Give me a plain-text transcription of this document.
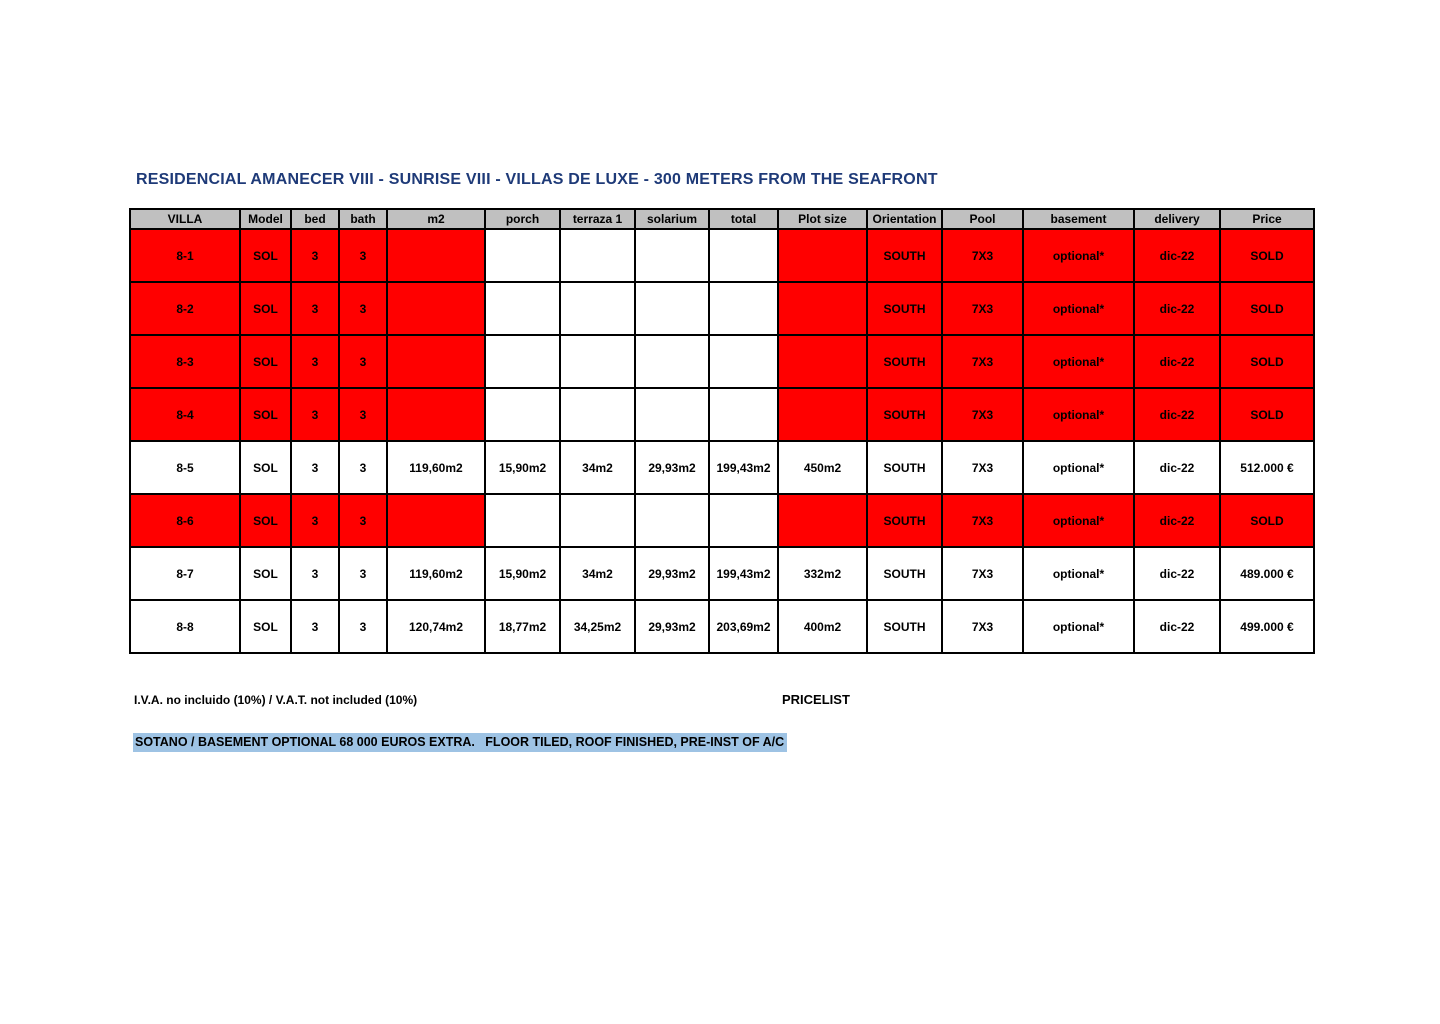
RESIDENCIAL AMANECER VIII - SUNRISE VIII - VILLAS DE LUXE - 300 METERS FROM THE SEAFRONT
VILLA	Model	bed	bath	m2	porch	terraza 1	solarium	total	Plot size	Orientation	Pool	basement	delivery	Price
8-1	SOL	3	3							SOUTH	7X3	optional*	dic-22	SOLD
8-2	SOL	3	3							SOUTH	7X3	optional*	dic-22	SOLD
8-3	SOL	3	3							SOUTH	7X3	optional*	dic-22	SOLD
8-4	SOL	3	3							SOUTH	7X3	optional*	dic-22	SOLD
8-5	SOL	3	3	119,60m2	15,90m2	34m2	29,93m2	199,43m2	450m2	SOUTH	7X3	optional*	dic-22	512.000 €
8-6	SOL	3	3							SOUTH	7X3	optional*	dic-22	SOLD
8-7	SOL	3	3	119,60m2	15,90m2	34m2	29,93m2	199,43m2	332m2	SOUTH	7X3	optional*	dic-22	489.000 €
8-8	SOL	3	3	120,74m2	18,77m2	34,25m2	29,93m2	203,69m2	400m2	SOUTH	7X3	optional*	dic-22	499.000 €
I.V.A. no incluido (10%) / V.A.T. not included (10%)	PRICELIST
SOTANO / BASEMENT OPTIONAL 68 000 EUROS EXTRA.   FLOOR TILED, ROOF FINISHED, PRE-INST OF A/C
